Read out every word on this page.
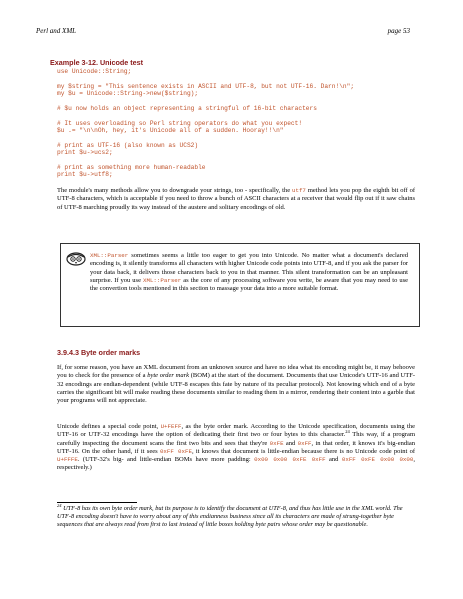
Perl and XML	page 53
Example 3-12. Unicode test
use Unicode::String;
my $string = "This sentence exists in ASCII and UTF-8, but not UTF-16. Darn!\n";
my $u = Unicode::String->new($string);
# $u now holds an object representing a stringful of 16-bit characters
# It uses overloading so Perl string operators do what you expect!
$u .= "\n\nOh, hey, it's Unicode all of a sudden. Hooray!!\n"
# print as UTF-16 (also known as UCS2)
print $u->ucs2;
# print as something more human-readable
print $u->utf8;
The module's many methods allow you to downgrade your strings, too - specifically, the utf7 method lets you pop the eighth bit off of UTF-8 characters, which is acceptable if you need to throw a bunch of ASCII characters at a receiver that would flip out if it saw chains of UTF-8 marching proudly its way instead of the austere and solitary encodings of old.
XML::Parser sometimes seems a little too eager to get you into Unicode. No matter what a document's declared encoding is, it silently transforms all characters with higher Unicode code points into UTF-8, and if you ask the parser for your data back, it delivers those characters back to you in that manner. This silent transformation can be an unpleasant surprise. If you use XML::Parser as the core of any processing software you write, be aware that you may need to use the convertion tools mentioned in this section to massage your data into a more suitable format.
3.9.4.3 Byte order marks
If, for some reason, you have an XML document from an unknown source and have no idea what its encoding might be, it may behoove you to check for the presence of a byte order mark (BOM) at the start of the document. Documents that use Unicode's UTF-16 and UTF-32 encodings are endian-dependent (while UTF-8 escapes this fate by nature of its peculiar protocol). Not knowing which end of a byte carries the significant bit will make reading these documents similar to reading them in a mirror, rendering their content into a garble that your programs will not appreciate.
Unicode defines a special code point, U+FEFF, as the byte order mark. According to the Unicode specification, documents using the UTF-16 or UTF-32 encodings have the option of dedicating their first two or four bytes to this character.$^{24}$ This way, if a program carefully inspecting the document scans the first two bits and sees that they're 0xFE and 0xFF, in that order, it knows it's big-endian UTF-16. On the other hand, if it sees 0xFF 0xFE, it knows that document is little-endian because there is no Unicode code point of U+FFFE. (UTF-32's big- and little-endian BOMs have more padding: 0x00 0x00 0xFE 0xFF and 0xFF 0xFE 0x00 0x00, respectively.)
$^{24}$ UTF-8 has its own byte order mark, but its purpose is to identify the document at UTF-8, and thus has little use in the XML world. The UTF-8 encoding doesn't have to worry about any of this endianness business since all its characters are made of strung-together byte sequences that are always read from first to last instead of little boxes holding byte pairs whose order may be questionable.
